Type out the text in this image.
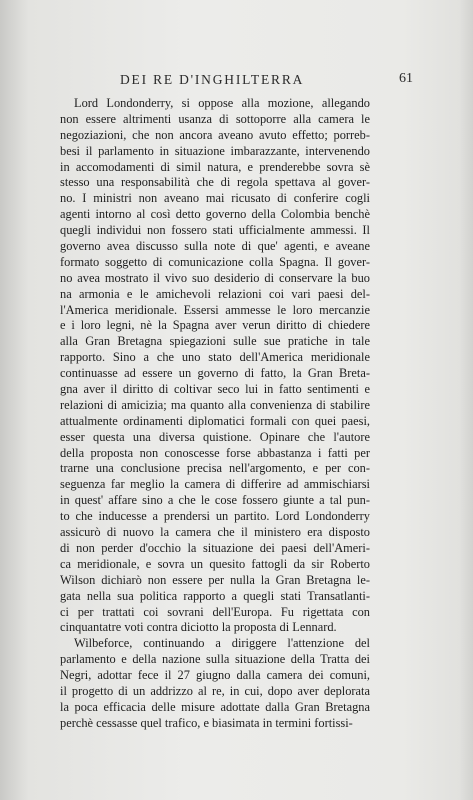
DEI RE D'INGHILTERRA	61
Lord Londonderry, si oppose alla mozione, allegando
non essere altrimenti usanza di sottoporre alla camera le
negoziazioni, che non ancora aveano avuto effetto; porreb-
besi il parlamento in situazione imbarazzante, intervenendo
in accomodamenti di simil natura, e prenderebbe sovra sè
stesso una responsabilità che di regola spettava al gover-
no. I ministri non aveano mai ricusato di conferire cogli
agenti intorno al così detto governo della Colombia benchè
quegli individui non fossero stati ufficialmente ammessi. Il
governo avea discusso sulla note di que' agenti, e aveane
formato soggetto di comunicazione colla Spagna. Il gover-
no avea mostrato il vivo suo desiderio di conservare la buo
na armonia e le amichevoli relazioni coi vari paesi del-
l'America meridionale. Essersi ammesse le loro mercanzie
e i loro legni, nè la Spagna aver verun diritto di chiedere
alla Gran Bretagna spiegazioni sulle sue pratiche in tale
rapporto. Sino a che uno stato dell'America meridionale
continuasse ad essere un governo di fatto, la Gran Breta-
gna aver il diritto di coltivar seco lui in fatto sentimenti e
relazioni di amicizia; ma quanto alla convenienza di stabilire
attualmente ordinamenti diplomatici formali con quei paesi,
esser questa una diversa quistione. Opinare che l'autore
della proposta non conoscesse forse abbastanza i fatti per
trarne una conclusione precisa nell'argomento, e per con-
seguenza far meglio la camera di differire ad ammischiarsi
in quest' affare sino a che le cose fossero giunte a tal pun-
to che inducesse a prendersi un partito. Lord Londonderry
assicurò di nuovo la camera che il ministero era disposto
di non perder d'occhio la situazione dei paesi dell'Ameri-
ca meridionale, e sovra un quesito fattogli da sir Roberto
Wilson dichiarò non essere per nulla la Gran Bretagna le-
gata nella sua politica rapporto a quegli stati Transatlanti-
ci per trattati coi sovrani dell'Europa. Fu rigettata con
cinquantatre voti contra diciotto la proposta di Lennard.
Wilbeforce, continuando a diriggere l'attenzione del
parlamento e della nazione sulla situazione della Tratta dei
Negri, adottar fece il 27 giugno dalla camera dei comuni,
il progetto di un addrizzo al re, in cui, dopo aver deplorata
la poca efficacia delle misure adottate dalla Gran Bretagna
perchè cessasse quel trafico, e biasimata in termini fortissi-
